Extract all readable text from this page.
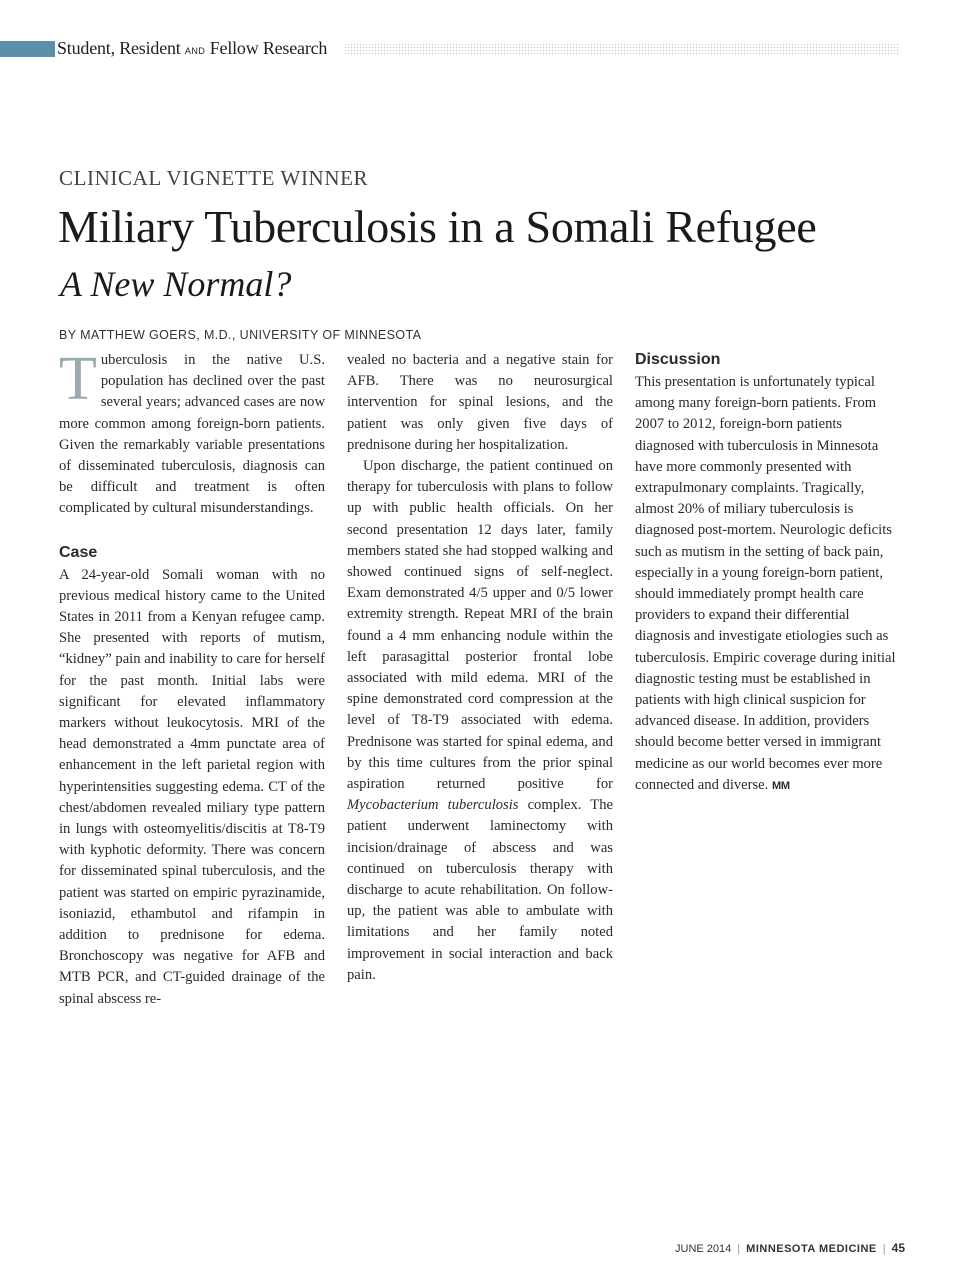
Student, Resident AND Fellow Research
CLINICAL VIGNETTE WINNER
Miliary Tuberculosis in a Somali Refugee
A New Normal?
BY MATTHEW GOERS, M.D., UNIVERSITY OF MINNESOTA

Tuberculosis in the native U.S. population has declined over the past several years; advanced cases are now more common among foreign-born patients. Given the remarkably variable presentations of disseminated tuberculosis, diagnosis can be difficult and treatment is often complicated by cultural misunderstandings.

Case

A 24-year-old Somali woman with no previous medical history came to the United States in 2011 from a Kenyan refugee camp. She presented with reports of mutism, “kidney” pain and inability to care for herself for the past month. Initial labs were significant for elevated inflammatory markers without leukocytosis. MRI of the head demonstrated a 4mm punctate area of enhancement in the left parietal region with hyperintensities suggesting edema. CT of the chest/abdomen revealed miliary type pattern in lungs with osteomyelitis/discitis at T8-T9 with kyphotic deformity. There was concern for disseminated spinal tuberculosis, and the patient was started on empiric pyrazinamide, isoniazid, ethambutol and rifampin in addition to prednisone for edema. Bronchoscopy was negative for AFB and MTB PCR, and CT-guided drainage of the spinal abscess re-

vealed no bacteria and a negative stain for AFB. There was no neurosurgical intervention for spinal lesions, and the patient was only given five days of prednisone during her hospitalization.

Upon discharge, the patient continued on therapy for tuberculosis with plans to follow up with public health officials. On her second presentation 12 days later, family members stated she had stopped walking and showed continued signs of self-neglect. Exam demonstrated 4/5 upper and 0/5 lower extremity strength. Repeat MRI of the brain found a 4 mm enhancing nodule within the left parasagittal posterior frontal lobe associated with mild edema. MRI of the spine demonstrated cord compression at the level of T8-T9 associated with edema. Prednisone was started for spinal edema, and by this time cultures from the prior spinal aspiration returned positive for Mycobacterium tuberculosis complex. The patient underwent laminectomy with incision/drainage of abscess and was continued on tuberculosis therapy with discharge to acute rehabilitation. On follow-up, the patient was able to ambulate with limitations and her family noted improvement in social interaction and back pain.

Discussion

This presentation is unfortunately typical among many foreign-born patients. From 2007 to 2012, foreign-born patients diagnosed with tuberculosis in Minnesota have more commonly presented with extrapulmonary complaints. Tragically, almost 20% of miliary tuberculosis is diagnosed post-mortem. Neurologic deficits such as mutism in the setting of back pain, especially in a young foreign-born patient, should immediately prompt health care providers to expand their differential diagnosis and investigate etiologies such as tuberculosis. Empiric coverage during initial diagnostic testing must be established in patients with high clinical suspicion for advanced disease. In addition, providers should become better versed in immigrant medicine as our world becomes ever more connected and diverse. MM

JUNE 2014 | MINNESOTA MEDICINE | 45
